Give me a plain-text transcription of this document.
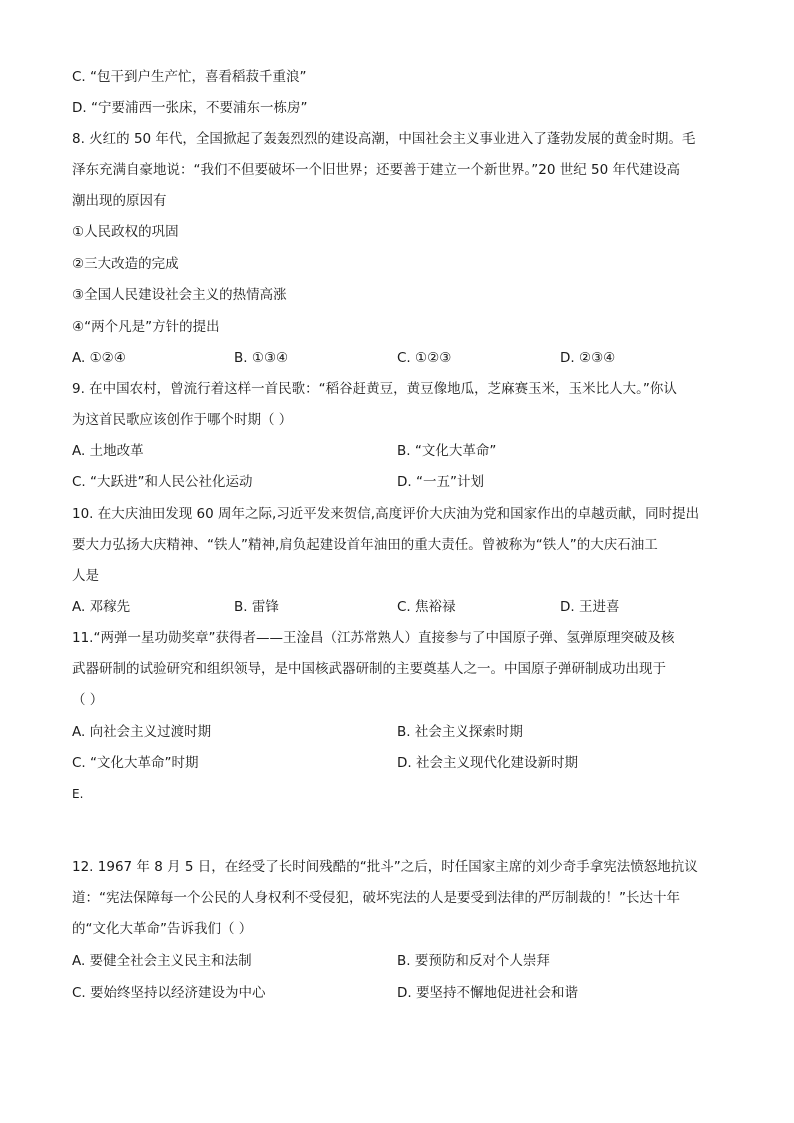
C. “包干到户生产忙，喜看稻菽千重浪”
D. “宁要浦西一张床，不要浦东一栋房”
8. 火红的 50 年代，全国掀起了轰轰烈烈的建设高潮，中国社会主义事业进入了蓬勃发展的黄金时期。毛
泽东充满自豪地说：“我们不但要破坏一个旧世界；还要善于建立一个新世界。”20 世纪 50 年代建设高
潮出现的原因有
①人民政权的巩固
②三大改造的完成
③全国人民建设社会主义的热情高涨
④“两个凡是”方针的提出
A. ①②④	B. ①③④	C. ①②③	D. ②③④
9. 在中国农村，曾流行着这样一首民歌：“稻谷赶黄豆，黄豆像地瓜，芝麻赛玉米，玉米比人大。”你认
为这首民歌应该创作于哪个时期（ ）
A. 土地改革	B. “文化大革命”
C. “大跃进”和人民公社化运动	D. “一五”计划
10. 在大庆油田发现 60 周年之际,习近平发来贺信,高度评价大庆油为党和国家作出的卓越贡献，同时提出
要大力弘扬大庆精神、“铁人”精神,肩负起建设首年油田的重大责任。曾被称为“铁人”的大庆石油工
人是
A. 邓稼先	B. 雷锋	C. 焦裕禄	D. 王进喜
11.“两弹一星功勋奖章”获得者——王淦昌（江苏常熟人）直接参与了中国原子弹、氢弹原理突破及核
武器研制的试验研究和组织领导，是中国核武器研制的主要奠基人之一。中国原子弹研制成功出现于
（ ）
A. 向社会主义过渡时期	B. 社会主义探索时期
C. “文化大革命”时期	D. 社会主义现代化建设新时期
E.
12. 1967 年 8 月 5 日，在经受了长时间残酷的“批斗”之后，时任国家主席的刘少奇手拿宪法愤怒地抗议
道：“宪法保障每一个公民的人身权利不受侵犯，破坏宪法的人是要受到法律的严厉制裁的！”长达十年
的“文化大革命”告诉我们（ ）
A. 要健全社会主义民主和法制	B. 要预防和反对个人崇拜
C. 要始终坚持以经济建设为中心	D. 要坚持不懈地促进社会和谐
